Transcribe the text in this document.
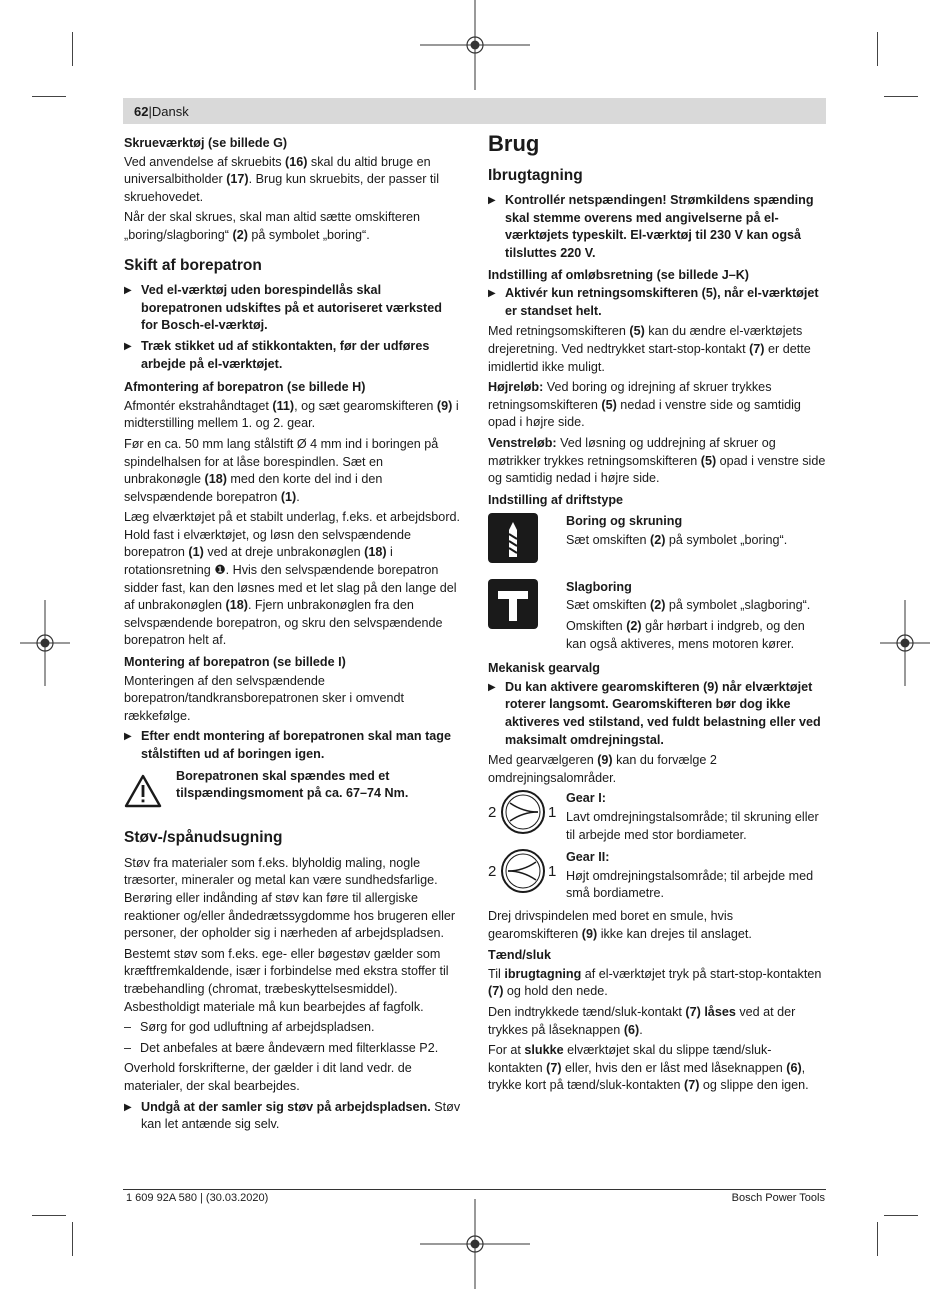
62|Dansk
Skrueværktøj (se billede G)

Ved anvendelse af skruebits (16) skal du altid bruge en universalbitholder (17). Brug kun skruebits, der passer til skruehovedet.

Når der skal skrues, skal man altid sætte omskifteren „boring/slagboring“ (2) på symbolet „boring“.

Skift af borepatron
▶ Ved el-værktøj uden borespindellås skal borepatronen udskiftes på et autoriseret værksted for Bosch-el-værktøj.
▶ Træk stikket ud af stikkontakten, før der udføres arbejde på el-værktøjet.
Afmontering af borepatron (se billede H)

Afmontér ekstrahåndtaget (11), og sæt gearomskifteren (9) i midterstilling mellem 1. og 2. gear.

Før en ca. 50 mm lang stålstift Ø 4 mm ind i boringen på spindelhalsen for at låse borespindlen. Sæt en unbrakonøgle (18) med den korte del ind i den selvspændende borepatron (1).

Læg elværktøjet på et stabilt underlag, f.eks. et arbejdsbord. Hold fast i elværktøjet, og løsn den selvspændende borepatron (1) ved at dreje unbrakonøglen (18) i rotationsretning ❶. Hvis den selvspændende borepatron sidder fast, kan den løsnes med et let slag på den lange del af unbrakonøglen (18). Fjern unbrakonøglen fra den selvspændende borepatron, og skru den selvspændende borepatron helt af.

Montering af borepatron (se billede I)

Monteringen af den selvspændende borepatron/tandkransborepatronen sker i omvendt rækkefølge.

▶ Efter endt montering af borepatronen skal man tage stålstiften ud af boringen igen.
Borepatronen skal spændes med et tilspændingsmoment på ca. 67–74 Nm.
Støv-/spånudsugning

Støv fra materialer som f.eks. blyholdig maling, nogle træsorter, mineraler og metal kan være sundhedsfarlige. Berøring eller indånding af støv kan føre til allergiske reaktioner og/eller åndedrætssygdomme hos brugeren eller personer, der opholder sig i nærheden af arbejdspladsen.

Bestemt støv som f.eks. ege- eller bøgestøv gælder som kræftfremkaldende, især i forbindelse med ekstra stoffer til træbehandling (chromat, træbeskyttelsesmiddel). Asbestholdigt materiale må kun bearbejdes af fagfolk.

– Sørg for god udluftning af arbejdspladsen.
– Det anbefales at bære åndeværn med filterklasse P2.

Overhold forskrifterne, der gælder i dit land vedr. de materialer, der skal bearbejdes.

▶ Undgå at der samler sig støv på arbejdspladsen. Støv kan let antænde sig selv.
Brug
Ibrugtagning
▶ Kontrollér netspændingen! Strømkildens spænding skal stemme overens med angivelserne på el-værktøjets typeskilt. El-værktøj til 230 V kan også tilsluttes 220 V.
Indstilling af omløbsretning (se billede J–K)
▶ Aktivér kun retningsomskifteren (5), når el-værktøjet er standset helt.

Med retningsomskifteren (5) kan du ændre el-værktøjets drejeretning. Ved nedtrykket start-stop-kontakt (7) er dette imidlertid ikke muligt.

Højreløb: Ved boring og idrejning af skruer trykkes retningsomskifteren (5) nedad i venstre side og samtidig opad i højre side.

Venstreløb: Ved løsning og uddrejning af skruer og møtrikker trykkes retningsomskifteren (5) opad i venstre side og samtidig nedad i højre side.

Indstilling af driftstype
Boring og skruning

Sæt omskiften (2) på symbolet „boring“.

Slagboring

Sæt omskiften (2) på symbolet „slagboring“.

Omskiften (2) går hørbart i indgreb, og den kan også aktiveres, mens motoren kører.

Mekanisk gearvalg
▶ Du kan aktivere gearomskifteren (9) når elværktøjet roterer langsomt. Gearomskifteren bør dog ikke aktiveres ved stilstand, ved fuldt belastning eller ved maksimalt omdrejningstal.

Med gearvælgeren (9) kan du forvælge 2 omdrejningsalområder.

2	1
Gear I:

Lavt omdrejningstalsområde; til skruning eller til arbejde med stor bordiameter.

2	1
Gear II:

Højt omdrejningstalsområde; til arbejde med små bordiametre.

Drej drivspindelen med boret en smule, hvis gearomskifteren (9) ikke kan drejes til anslaget.

Tænd/sluk

Til ibrugtagning af el-værktøjet tryk på start-stop-kontakten (7) og hold den nede.

Den indtrykkede tænd/sluk-kontakt (7) låses ved at der trykkes på låseknappen (6).

For at slukke elværktøjet skal du slippe tænd/sluk-kontakten (7) eller, hvis den er låst med låseknappen (6), trykke kort på tænd/sluk-kontakten (7) og slippe den igen.

1 609 92A 580 | (30.03.2020)	Bosch Power Tools
